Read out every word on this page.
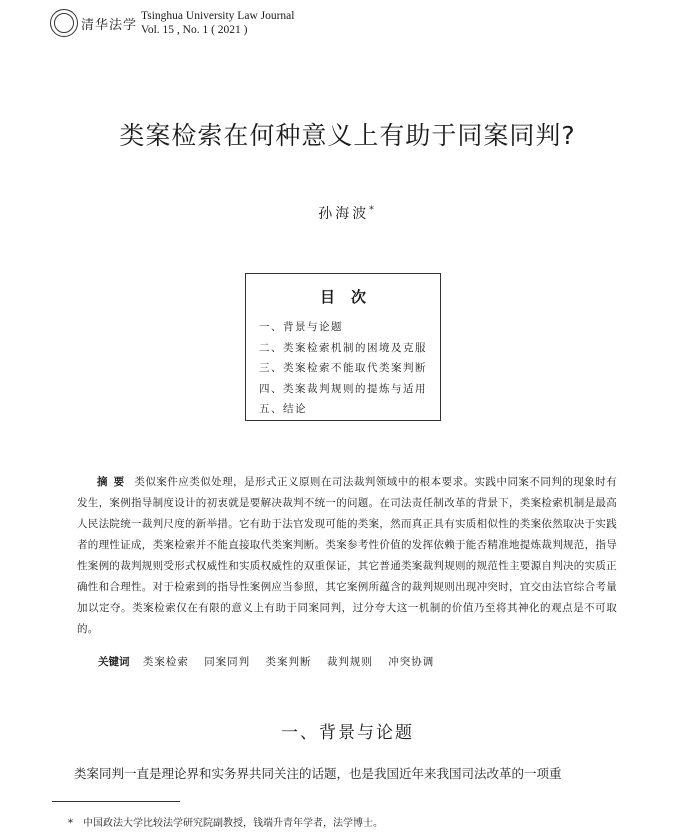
清华法学
Tsinghua University Law Journal
Vol. 15 , No. 1 ( 2021 )
类案检索在何种意义上有助于同案同判?
孙海波*
目次
一、背景与论题
二、类案检索机制的困境及克服
三、类案检索不能取代类案判断
四、类案裁判规则的提炼与适用
五、结论
摘要 类似案件应类似处理，是形式正义原则在司法裁判领域中的根本要求。实践中同案不同判的现象时有发生，案例指导制度设计的初衷就是要解决裁判不统一的问题。在司法责任制改革的背景下，类案检索机制是最高人民法院统一裁判尺度的新举措。它有助于法官发现可能的类案，然而真正具有实质相似性的类案依然取决于实践者的理性证成，类案检索并不能直接取代类案判断。类案参考性价值的发挥依赖于能否精准地提炼裁判规范，指导性案例的裁判规则受形式权威性和实质权威性的双重保证，其它普通类案裁判规则的规范性主要源自判决的实质正确性和合理性。对于检索到的指导性案例应当参照，其它案例所蕴含的裁判规则出现冲突时，宜交由法官综合考量加以定夺。类案检索仅在有限的意义上有助于同案同判，过分夸大这一机制的价值乃至将其神化的观点是不可取的。
关键词 类案检索 同案同判 类案判断 裁判规则 冲突协调
一、背景与论题
类案同判一直是理论界和实务界共同关注的话题，也是我国近年来我国司法改革的一项重
* 中国政法大学比较法学研究院副教授，钱端升青年学者，法学博士。
